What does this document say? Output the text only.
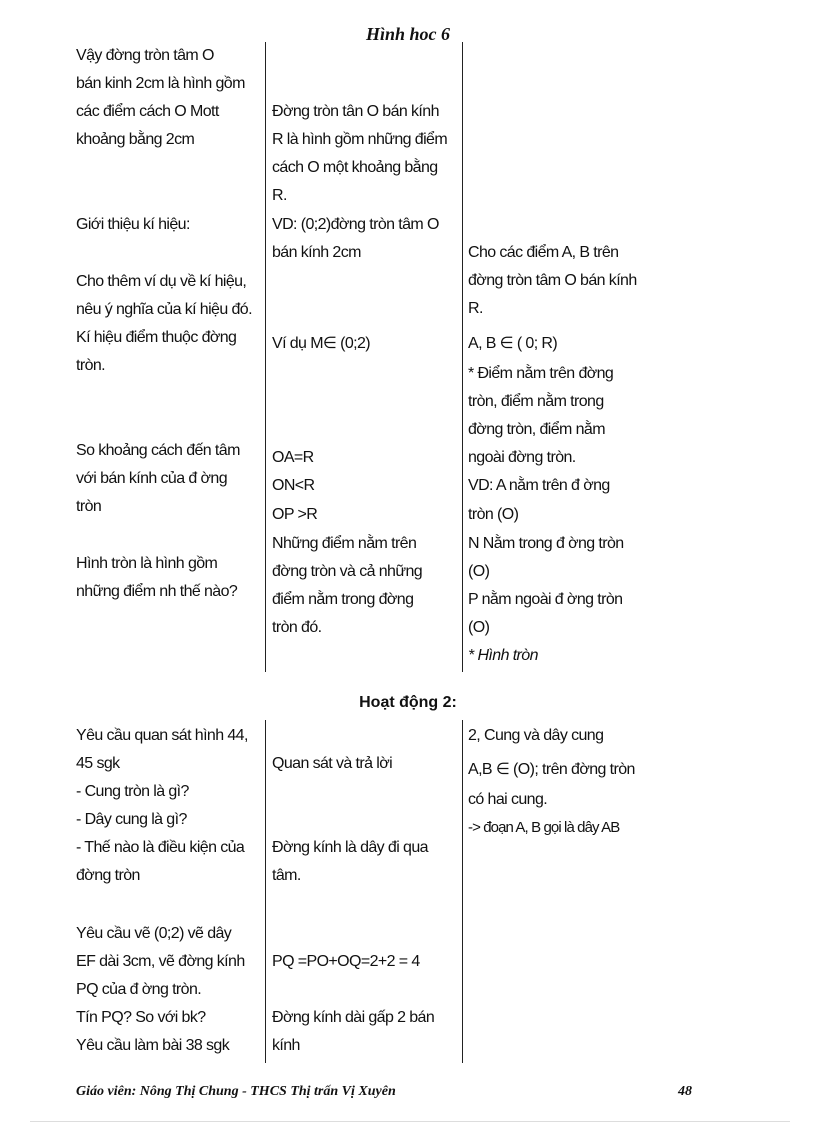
Hình hoc 6
Vậy đờng tròn tâm O
bán kinh 2cm là hình gồm
các điểm cách O Mott
khoảng bằng 2cm
Giới thiệu kí hiệu:
Cho thêm ví dụ về kí hiệu,
nêu ý nghĩa của kí hiệu đó.
Kí hiệu điểm thuộc đờng
tròn.
So khoảng cách đến tâm
với bán kính của đ ờng
tròn
Hình tròn là hình gồm
những điểm nh thế nào?
Đờng tròn tân O bán kính
R là hình gồm những điểm
cách O một khoảng bằng
R.
VD: (0;2)đờng tròn tâm O
bán kính 2cm
Ví dụ M∈ (0;2)
OA=R
ON<R
OP >R
Những điểm nằm trên
đờng tròn và cả những
điểm nằm trong đờng
tròn đó.
Cho các điểm A, B trên
đờng tròn tâm O bán kính
R.
A, B ∈ ( 0; R)
* Điểm nằm trên đờng
tròn, điểm nằm trong
đờng tròn, điểm nằm
ngoài đờng tròn.
VD: A nằm trên đ ờng
tròn (O)
N Nằm trong đ ờng tròn
(O)
P nằm ngoài đ ờng tròn
(O)
* Hình tròn
Hoạt động 2:
Yêu cầu quan sát hình 44,
45 sgk
- Cung tròn là gì?
- Dây cung là gì?
- Thế nào là điều kiện của
đờng tròn
Yêu cầu vẽ (0;2) vẽ dây
EF dài 3cm, vẽ đờng kính
PQ của đ ờng tròn.
Tín PQ? So với bk?
Yêu cầu làm bài 38 sgk
Quan sát và trả lời
Đờng kính là dây đi qua
tâm.
PQ =PO+OQ=2+2 = 4
Đờng kính dài gấp 2 bán
kính
2, Cung và dây cung
A,B ∈ (O); trên đờng tròn
có hai cung.
-> đoạn A, B gọi là dây AB
Giáo viên: Nông Thị Chung - THCS Thị trấn Vị Xuyên	48
